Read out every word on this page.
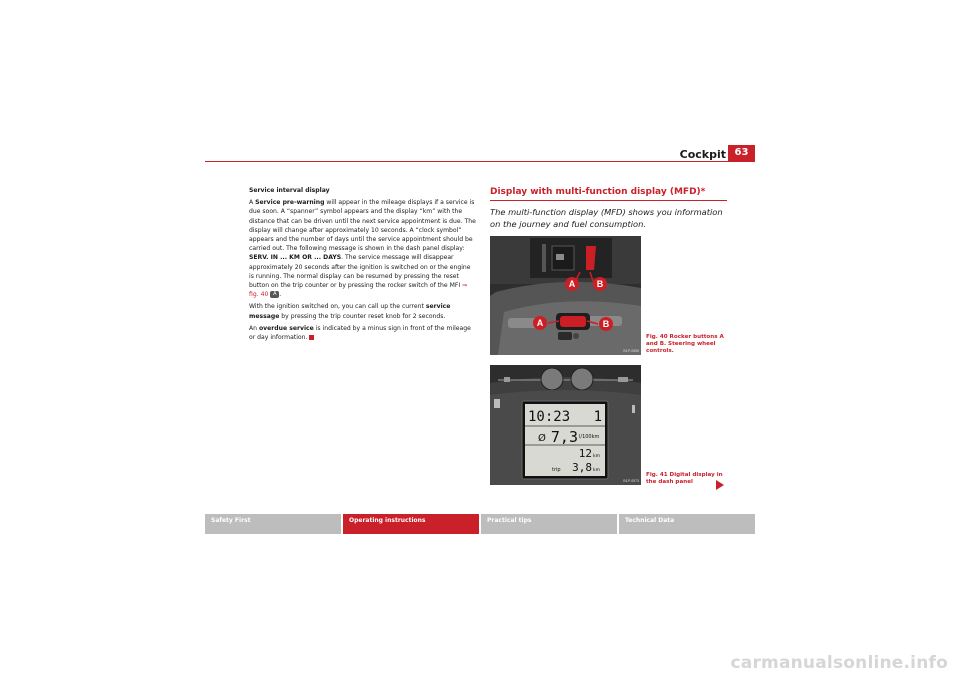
Cockpit 63

Service interval display

A Service pre-warning will appear in the mileage displays if a service is due soon. A “spanner” symbol appears and the display “km” with the distance that can be driven until the next service appointment is due. The display will change after approximately 10 seconds. A “clock symbol” appears and the number of days until the service appointment should be carried out. The following message is shown in the dash panel display: SERV. IN ... KM OR ... DAYS. The service message will disappear approximately 20 seconds after the ignition is switched on or the engine is running. The normal display can be resumed by pressing the reset button on the trip counter or by pressing the rocker switch of the MFI ⇒ fig. 40 A .

With the ignition switched on, you can call up the current service message by pressing the trip counter reset knob for 2 seconds.

An overdue service is indicated by a minus sign in front of the mileage or day information.

Display with multi-function display (MFD)*
The multi-function display (MFD) shows you information on the journey and fuel consumption.
A B
A	B
B1P-0555
Fig. 40 Rocker buttons A and B. Steering wheel controls.
10:23 1
Ø 7,3 l/100km
12 km
trip 3,8 km
B1P-0573
Fig. 41 Digital display in the dash panel
Safety First	Operating instructions	Practical tips	Technical Data
carmanualsonline.info
